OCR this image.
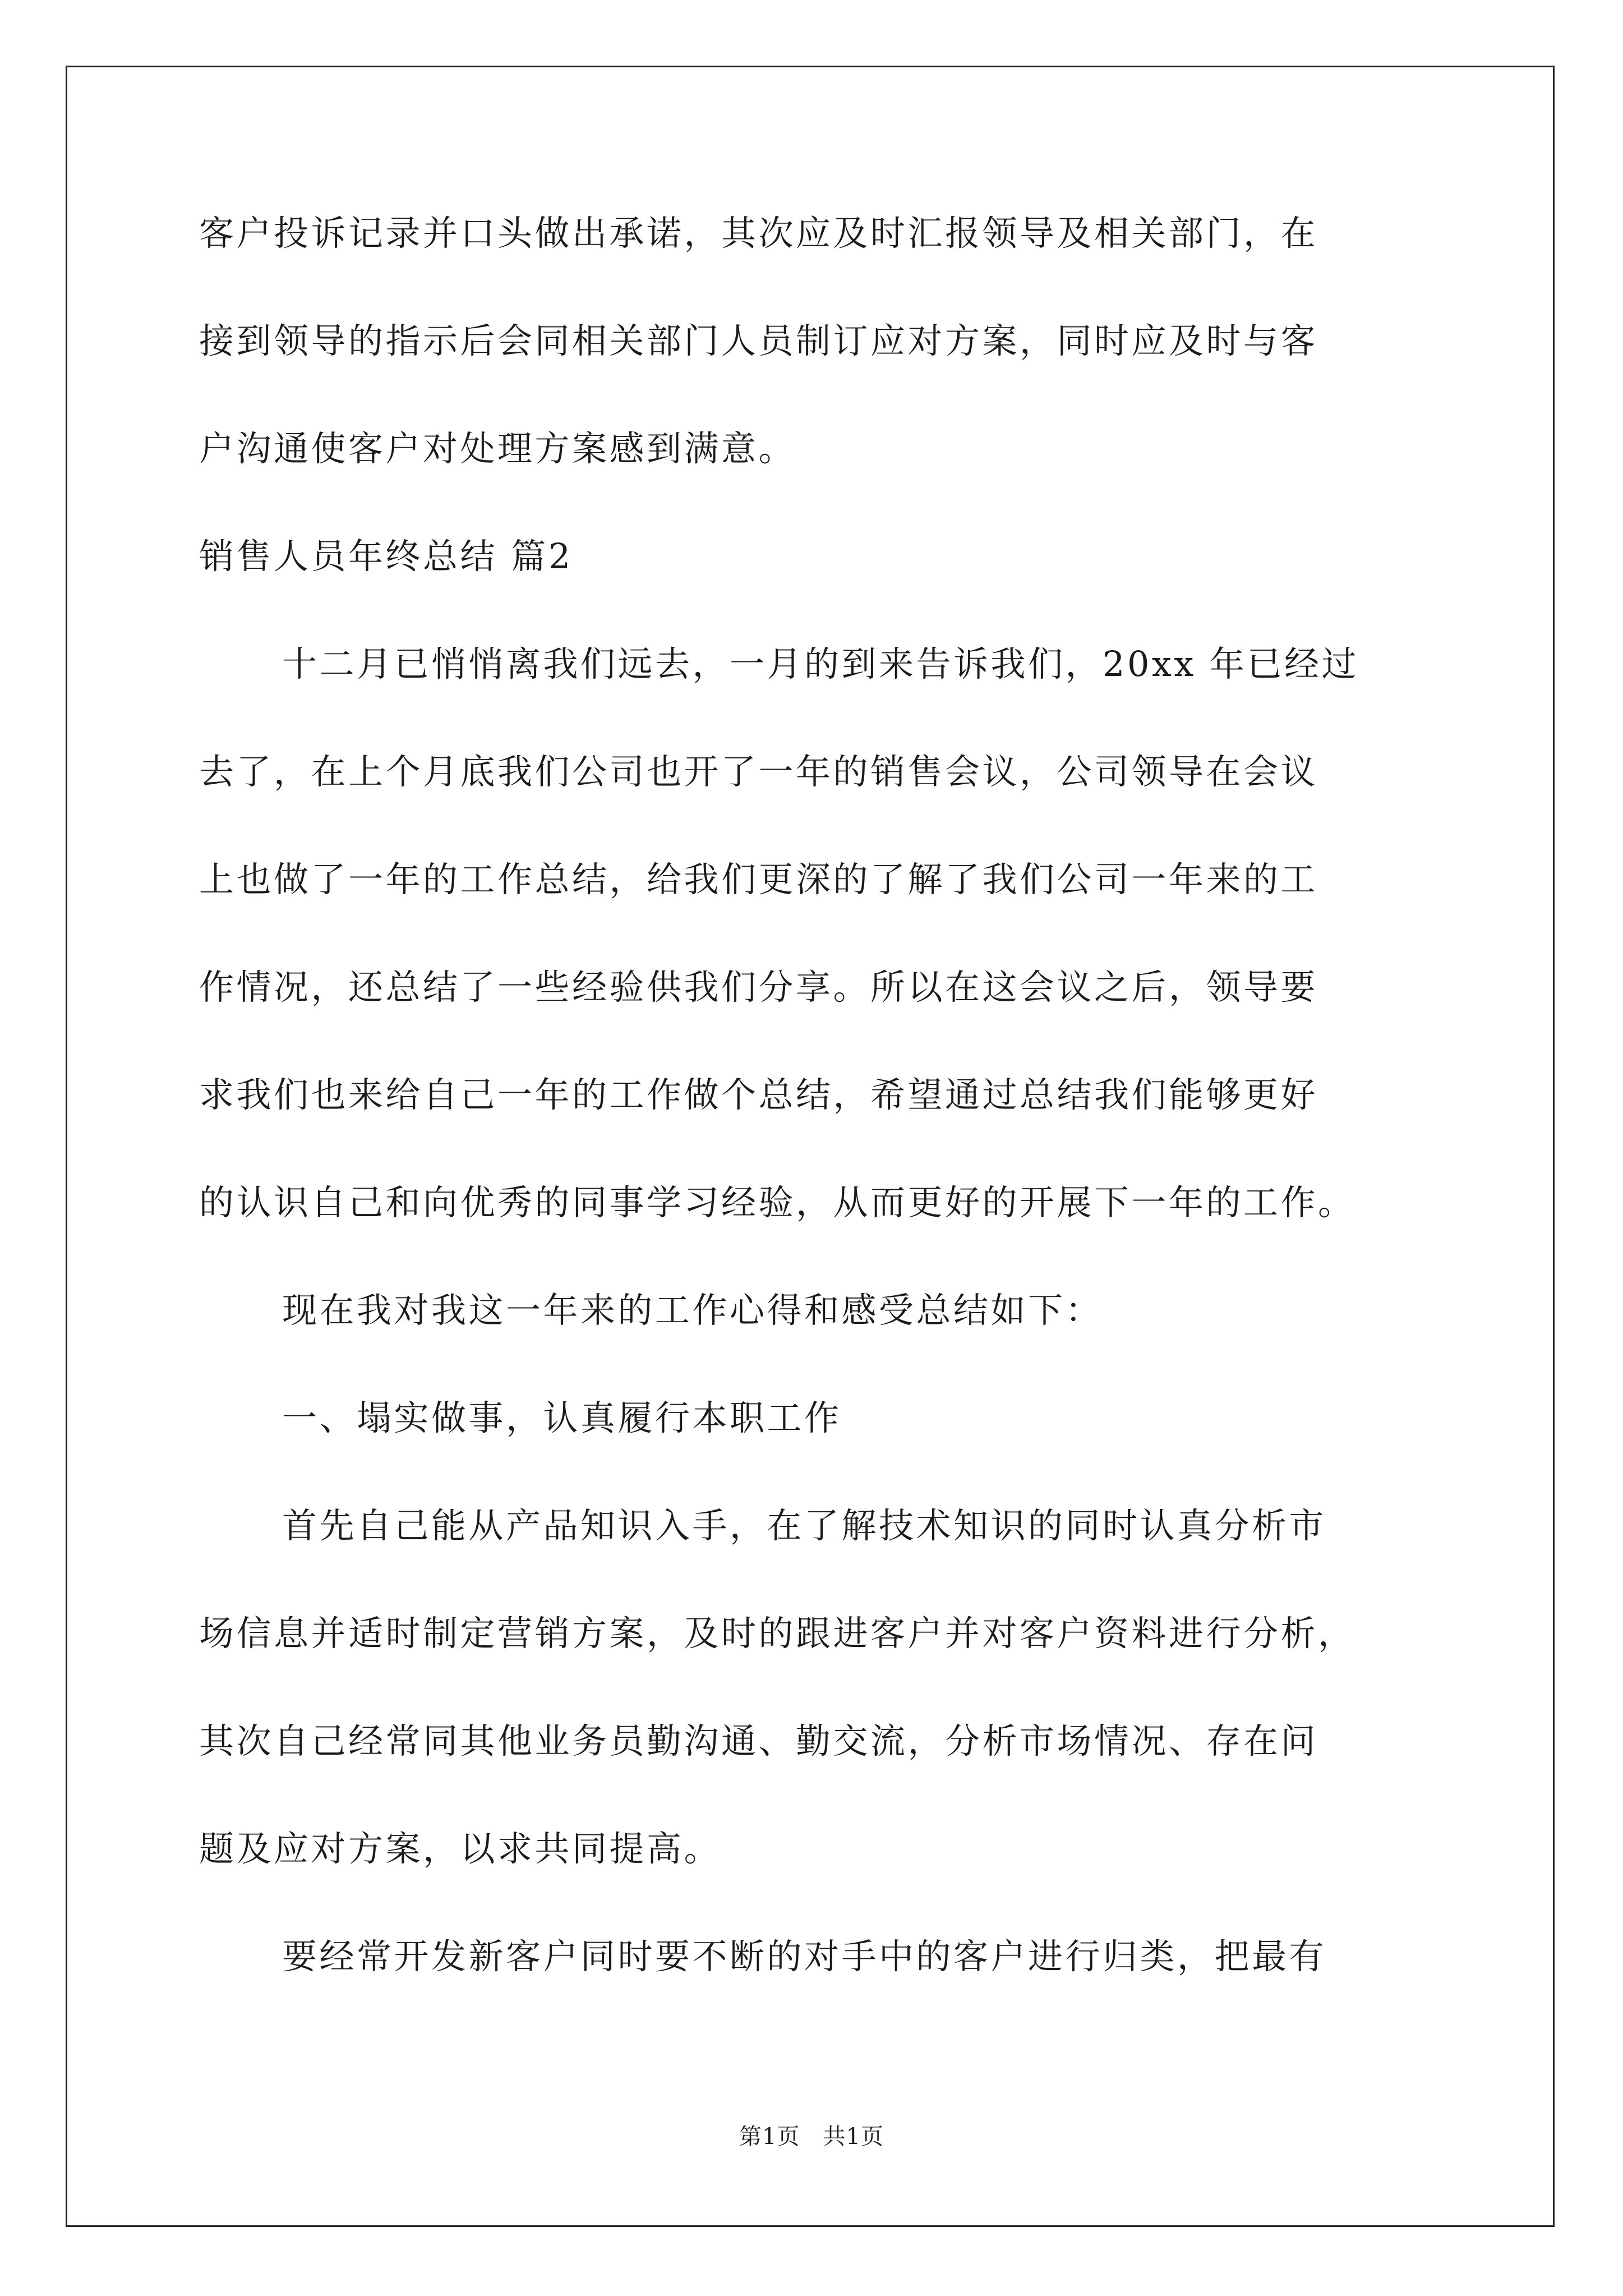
客户投诉记录并口头做出承诺，其次应及时汇报领导及相关部门，在

接到领导的指示后会同相关部门人员制订应对方案，同时应及时与客

户沟通使客户对处理方案感到满意。

销售人员年终总结 篇2

十二月已悄悄离我们远去，一月的到来告诉我们，20xx 年已经过

去了，在上个月底我们公司也开了一年的销售会议，公司领导在会议

上也做了一年的工作总结，给我们更深的了解了我们公司一年来的工

作情况，还总结了一些经验供我们分享。所以在这会议之后，领导要

求我们也来给自己一年的工作做个总结，希望通过总结我们能够更好

的认识自己和向优秀的同事学习经验，从而更好的开展下一年的工作。

现在我对我这一年来的工作心得和感受总结如下：

一、塌实做事，认真履行本职工作

首先自己能从产品知识入手，在了解技术知识的同时认真分析市

场信息并适时制定营销方案，及时的跟进客户并对客户资料进行分析，

其次自己经常同其他业务员勤沟通、勤交流，分析市场情况、存在问

题及应对方案，以求共同提高。

要经常开发新客户同时要不断的对手中的客户进行归类，把最有

第1页　共1页
